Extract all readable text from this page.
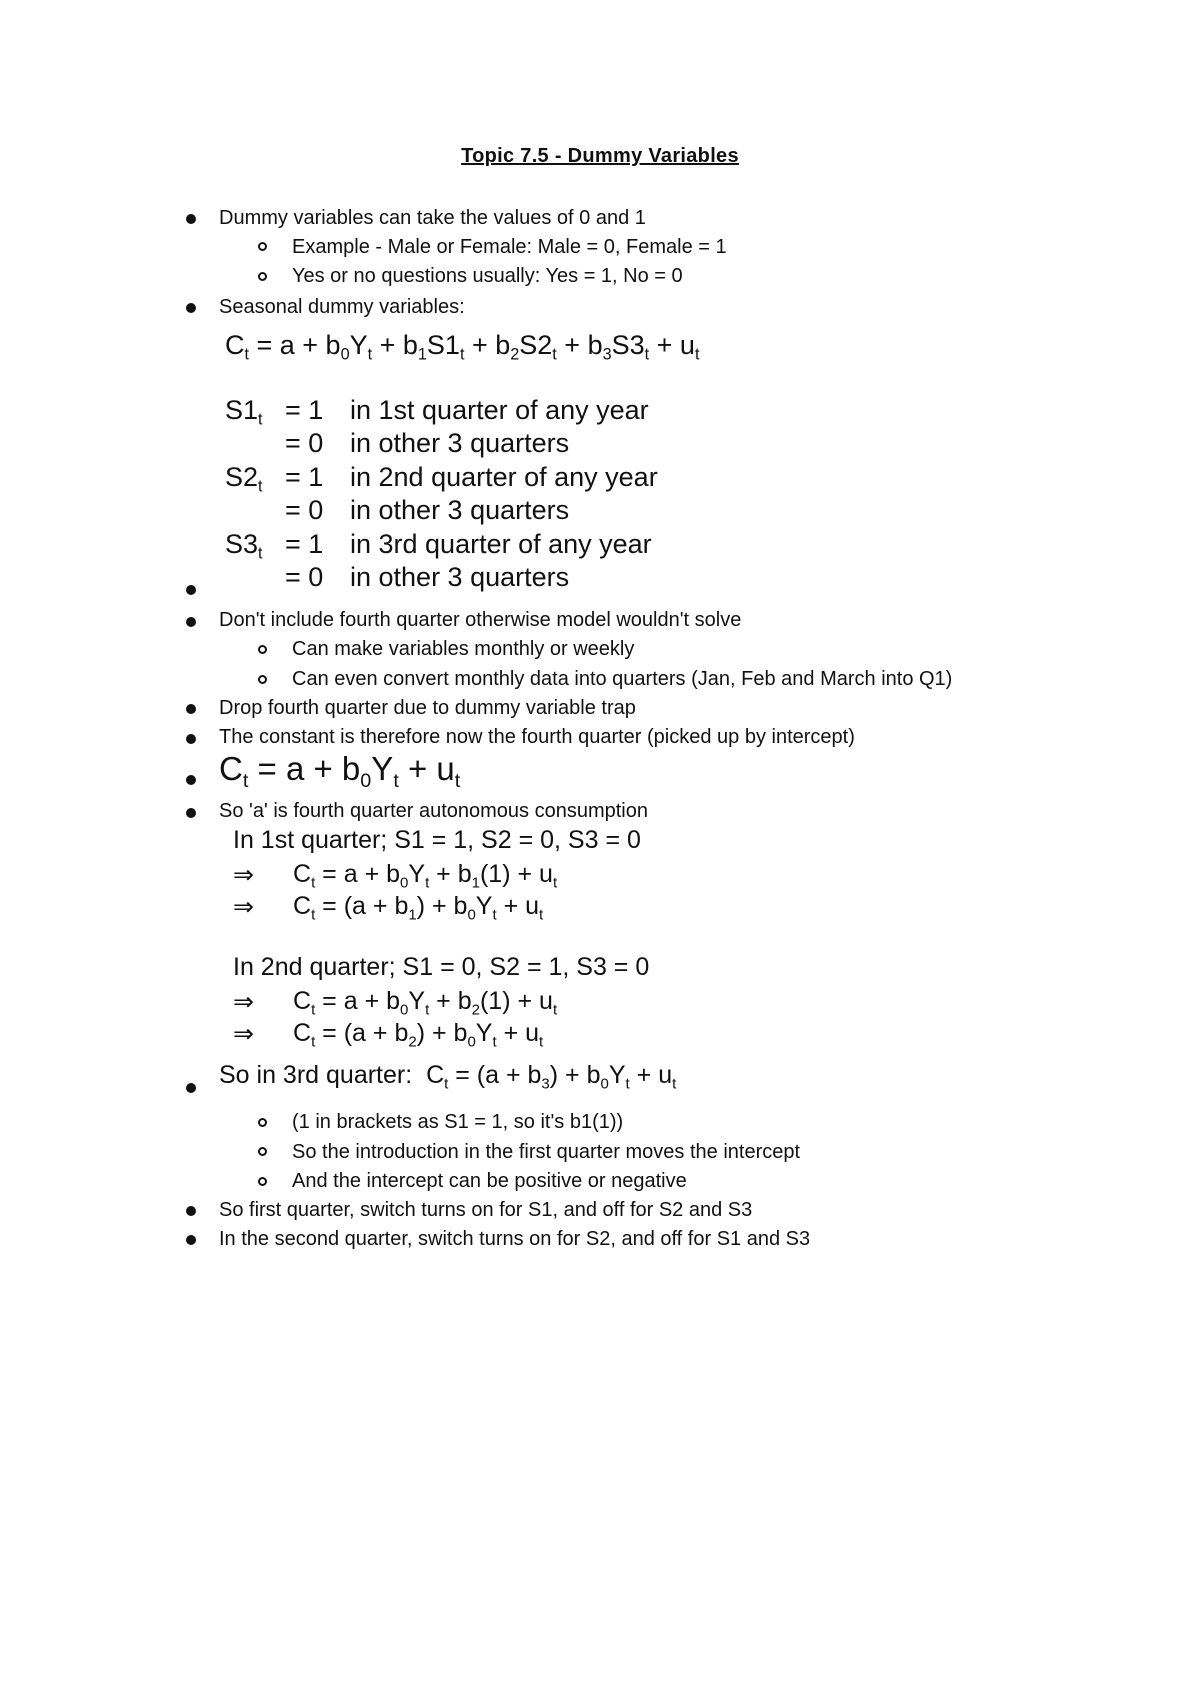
Topic 7.5 - Dummy Variables
Dummy variables can take the values of 0 and 1
Example - Male or Female: Male = 0, Female = 1
Yes or no questions usually: Yes = 1, No = 0
Seasonal dummy variables:
$C_t = a + b_0Y_t + b_1S1_t + b_2S2_t + b_3S3_t + u_t$
$S1_t = 1$ in 1st quarter of any year
= 0 in other 3 quarters
$S2_t = 1$ in 2nd quarter of any year
= 0 in other 3 quarters
$S3_t = 1$ in 3rd quarter of any year
= 0 in other 3 quarters
Don't include fourth quarter otherwise model wouldn't solve
Can make variables monthly or weekly
Can even convert monthly data into quarters (Jan, Feb and March into Q1)
Drop fourth quarter due to dummy variable trap
The constant is therefore now the fourth quarter (picked up by intercept)
$C_t = a + b_0Y_t + u_t$
So 'a' is fourth quarter autonomous consumption
In 1st quarter; S1 = 1, S2 = 0, S3 = 0
⇒ $C_t = a + b_0Y_t + b_1(1) + u_t$
⇒ $C_t = (a + b_1) + b_0Y_t + u_t$
In 2nd quarter; S1 = 0, S2 = 1, S3 = 0
⇒ $C_t = a + b_0Y_t + b_2(1) + u_t$
⇒ $C_t = (a + b_2) + b_0Y_t + u_t$
So in 3rd quarter:  $C_t = (a + b_3) + b_0Y_t + u_t$
(1 in brackets as S1 = 1, so it's b1(1))
So the introduction in the first quarter moves the intercept
And the intercept can be positive or negative
So first quarter, switch turns on for S1, and off for S2 and S3
In the second quarter, switch turns on for S2, and off for S1 and S3
